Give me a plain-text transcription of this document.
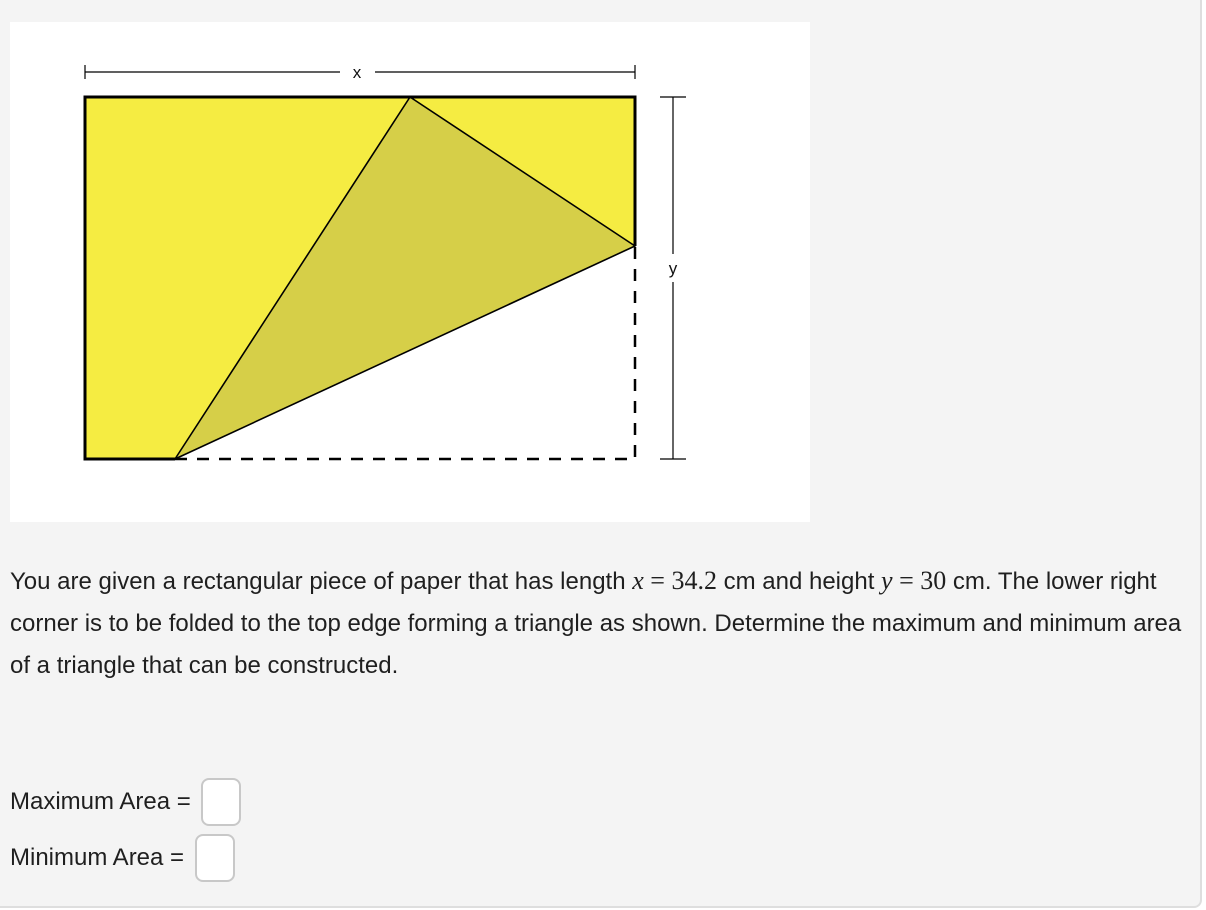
x
y

You are given a rectangular piece of paper that has length x = 34.2 cm and height y = 30 cm. The lower right corner is to be folded to the top edge forming a triangle as shown. Determine the maximum and minimum area of a triangle that can be constructed.

Maximum Area =
Minimum Area =
